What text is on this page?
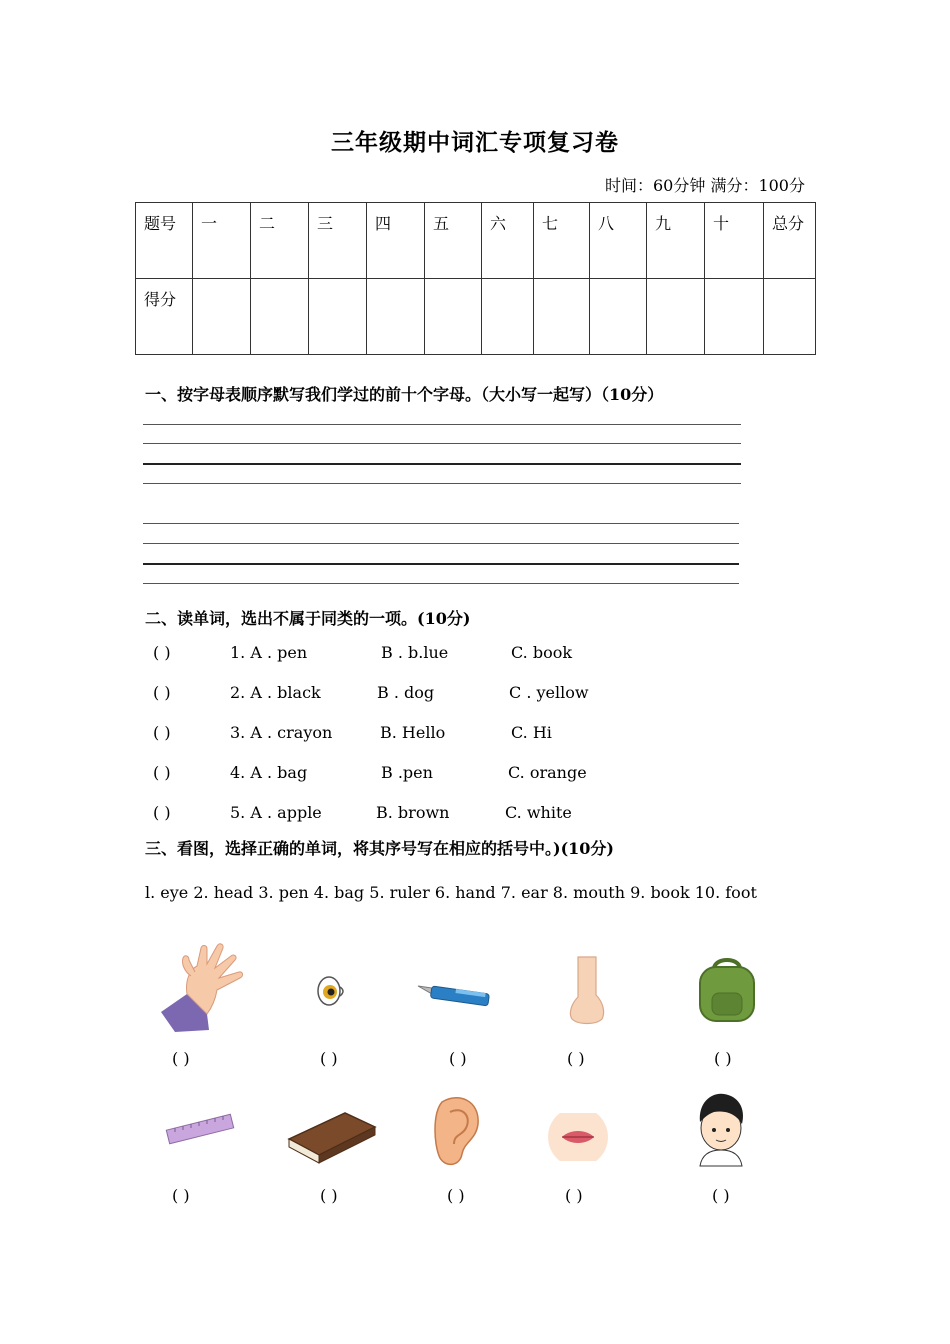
三年级期中词汇专项复习卷
时间：60分钟 满分：100分
题号	一	二	三	四	五	六	七	八	九	十	总分
得分											
一、按字母表顺序默写我们学过的前十个字母。（大小写一起写）（10分）
二、读单词，选出不属于同类的一项。(10分)
( )	1. A . pen	B . b.lue	C. book
( )	2. A . black	B . dog	C . yellow
( )	3. A . crayon	B. Hello	C. Hi
( )	4. A . bag	B .pen	C. orange
( )	5. A . apple	B. brown	C. white
三、看图，选择正确的单词，将其序号写在相应的括号中。)(10分)
l. eye 2. head 3. pen 4. bag 5. ruler 6. hand 7. ear 8. mouth 9. book 10. foot
( )	( )	( )	( )	( )
( )	( )	( )	( )	( )
